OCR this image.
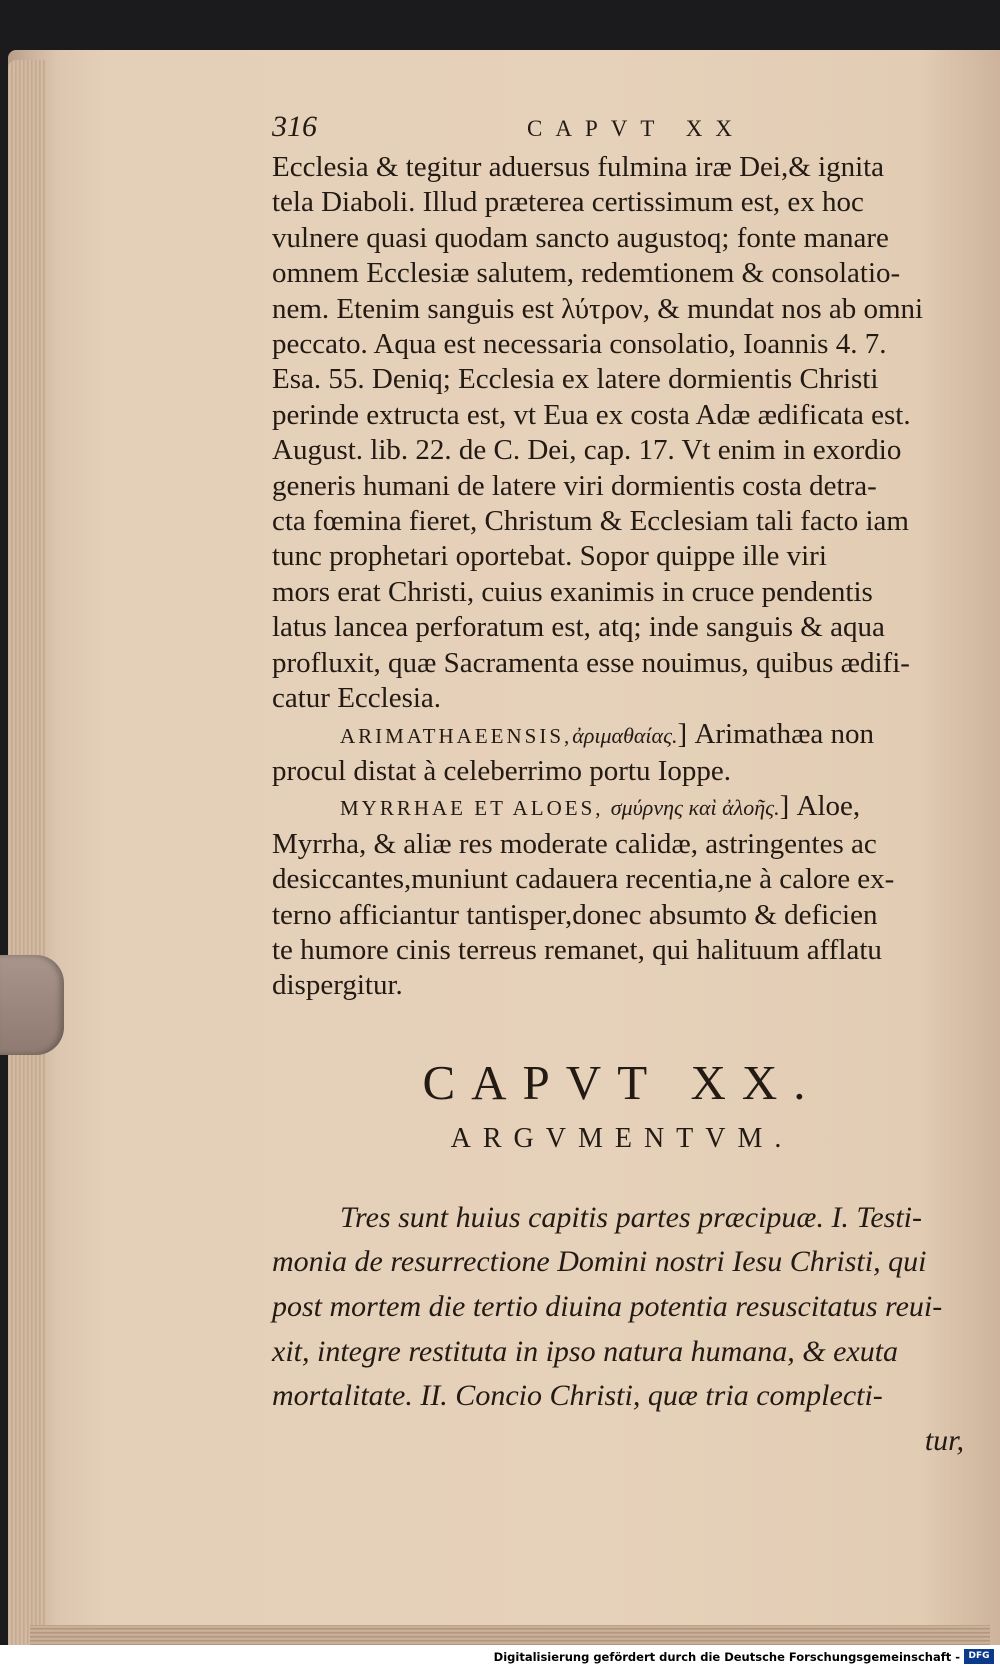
316	CAPVT XX
Ecclesia & tegitur aduersus fulmina iræ Dei,& ignita
tela Diaboli. Illud præterea certissimum est, ex hoc
vulnere quasi quodam sancto augustoq; fonte manare
omnem Ecclesiæ salutem, redemtionem & consolatio-
nem. Etenim sanguis est λύτρον, & mundat nos ab omni
peccato. Aqua est necessaria consolatio, Ioannis 4. 7.
Esa. 55. Deniq; Ecclesia ex latere dormientis Christi
perinde extructa est, vt Eua ex costa Adæ ædificata est.
August. lib. 22. de C. Dei, cap. 17. Vt enim in exordio
generis humani de latere viri dormientis costa detra-
cta fœmina fieret, Christum & Ecclesiam tali facto iam
tunc prophetari oportebat. Sopor quippe ille viri
mors erat Christi, cuius exanimis in cruce pendentis
latus lancea perforatum est, atq; inde sanguis & aqua
profluxit, quæ Sacramenta esse nouimus, quibus ædifi-
catur Ecclesia.
ARIMATHAEENSIS,ἀριμαθαίας.] Arimathæa non
procul distat à celeberrimo portu Ioppe.
MYRRHAE ET ALOES, σμύρνης καὶ ἀλοῆς.] Aloe,
Myrrha, & aliæ res moderate calidæ, astringentes ac
desiccantes,muniunt cadauera recentia,ne à calore ex-
terno afficiantur tantisper,donec absumto & deficien
te humore cinis terreus remanet, qui halituum afflatu
dispergitur.
CAPVT XX.
ARGVMENTVM.
Tres sunt huius capitis partes præcipuæ. I. Testi-
monia de resurrectione Domini nostri Iesu Christi, qui
post mortem die tertio diuina potentia resuscitatus reui-
xit, integre restituta in ipso natura humana, & exuta
mortalitate. II. Concio Christi, quæ tria complecti-
tur,
Digitalisierung gefördert durch die Deutsche Forschungsgemeinschaft - DFG
